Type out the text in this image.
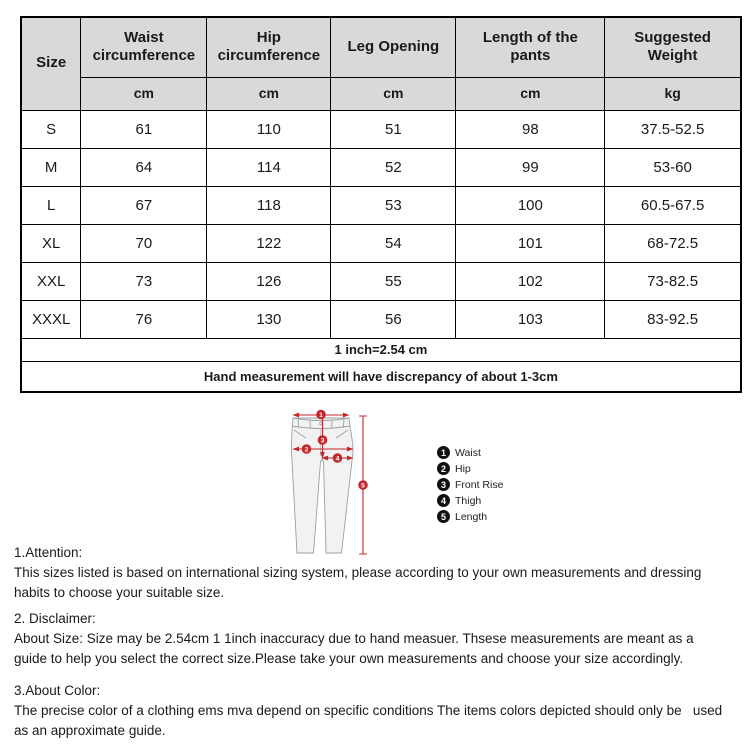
Size	Waist circumference	Hip circumference	Leg Opening	Length of the pants	Suggested Weight
	cm	cm	cm	cm	kg
S	61	110	51	98	37.5-52.5
M	64	114	52	99	53-60
L	67	118	53	100	60.5-67.5
XL	70	122	54	101	68-72.5
XXL	73	126	55	102	73-82.5
XXXL	76	130	56	103	83-92.5
1 inch=2.54 cm					
Hand measurement will have discrepancy of about 1-3cm					
1
3
2
4
5
1 Waist
2 Hip
3 Front Rise
4 Thigh
5 Length
1.Attention:
This sizes listed is based on international sizing system, please according to your own measurements and dressing habits to choose your suitable size.
2. Disclaimer:
About Size: Size may be 2.54cm 1 1inch inaccuracy due to hand measuer. Thsese measurements are meant as a guide to help you select the correct size.Please take your own measurements and choose your size accordingly.
3.About Color:
The precise color of a clothing ems mva depend on specific conditions The items colors depicted should only be   used as an approximate guide.
